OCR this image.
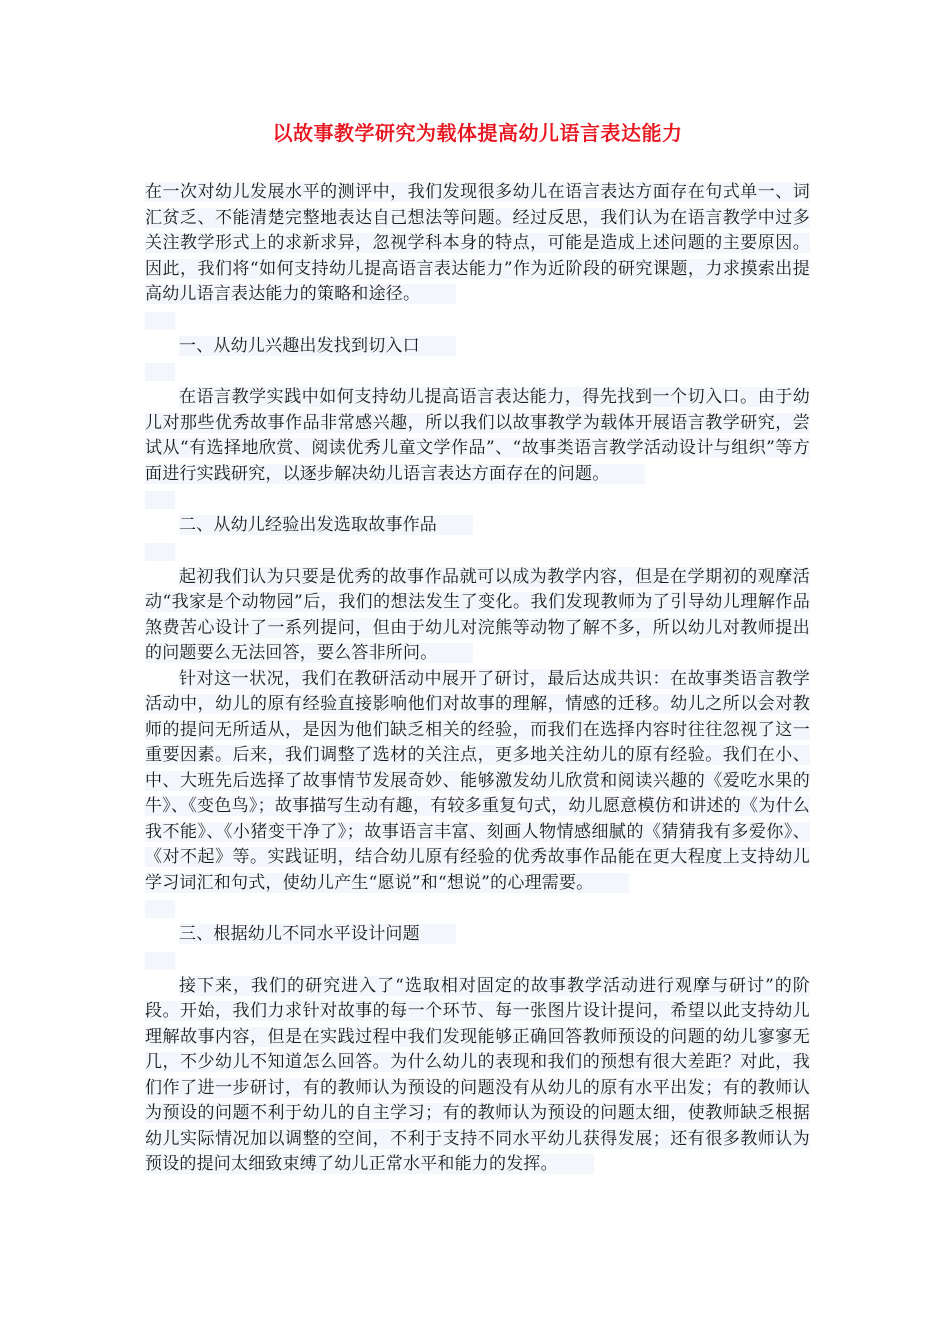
以故事教学研究为载体提高幼儿语言表达能力

在一次对幼儿发展水平的测评中，我们发现很多幼儿在语言表达方面存在句式单一、词汇贫乏、不能清楚完整地表达自己想法等问题。经过反思，我们认为在语言教学中过多关注教学形式上的求新求异，忽视学科本身的特点，可能是造成上述问题的主要原因。因此，我们将“如何支持幼儿提高语言表达能力”作为近阶段的研究课题，力求摸索出提高幼儿语言表达能力的策略和途径。

一、从幼儿兴趣出发找到切入口

在语言教学实践中如何支持幼儿提高语言表达能力，得先找到一个切入口。由于幼儿对那些优秀故事作品非常感兴趣，所以我们以故事教学为载体开展语言教学研究，尝试从“有选择地欣赏、阅读优秀儿童文学作品”、“故事类语言教学活动设计与组织”等方面进行实践研究，以逐步解决幼儿语言表达方面存在的问题。

二、从幼儿经验出发选取故事作品

起初我们认为只要是优秀的故事作品就可以成为教学内容，但是在学期初的观摩活动“我家是个动物园”后，我们的想法发生了变化。我们发现教师为了引导幼儿理解作品煞费苦心设计了一系列提问，但由于幼儿对浣熊等动物了解不多，所以幼儿对教师提出的问题要么无法回答，要么答非所问。

针对这一状况，我们在教研活动中展开了研讨，最后达成共识：在故事类语言教学活动中，幼儿的原有经验直接影响他们对故事的理解，情感的迁移。幼儿之所以会对教师的提问无所适从，是因为他们缺乏相关的经验，而我们在选择内容时往往忽视了这一重要因素。后来，我们调整了选材的关注点，更多地关注幼儿的原有经验。我们在小、中、大班先后选择了故事情节发展奇妙、能够激发幼儿欣赏和阅读兴趣的《爱吃水果的牛》、《变色鸟》；故事描写生动有趣，有较多重复句式，幼儿愿意模仿和讲述的《为什么我不能》、《小猪变干净了》；故事语言丰富、刻画人物情感细腻的《猜猜我有多爱你》、《对不起》等。实践证明，结合幼儿原有经验的优秀故事作品能在更大程度上支持幼儿学习词汇和句式，使幼儿产生“愿说”和“想说”的心理需要。

三、根据幼儿不同水平设计问题

接下来，我们的研究进入了“选取相对固定的故事教学活动进行观摩与研讨”的阶段。开始，我们力求针对故事的每一个环节、每一张图片设计提问，希望以此支持幼儿理解故事内容，但是在实践过程中我们发现能够正确回答教师预设的问题的幼儿寥寥无几，不少幼儿不知道怎么回答。为什么幼儿的表现和我们的预想有很大差距？对此，我们作了进一步研讨，有的教师认为预设的问题没有从幼儿的原有水平出发；有的教师认为预设的问题不利于幼儿的自主学习；有的教师认为预设的问题太细，使教师缺乏根据幼儿实际情况加以调整的空间，不利于支持不同水平幼儿获得发展；还有很多教师认为预设的提问太细致束缚了幼儿正常水平和能力的发挥。
